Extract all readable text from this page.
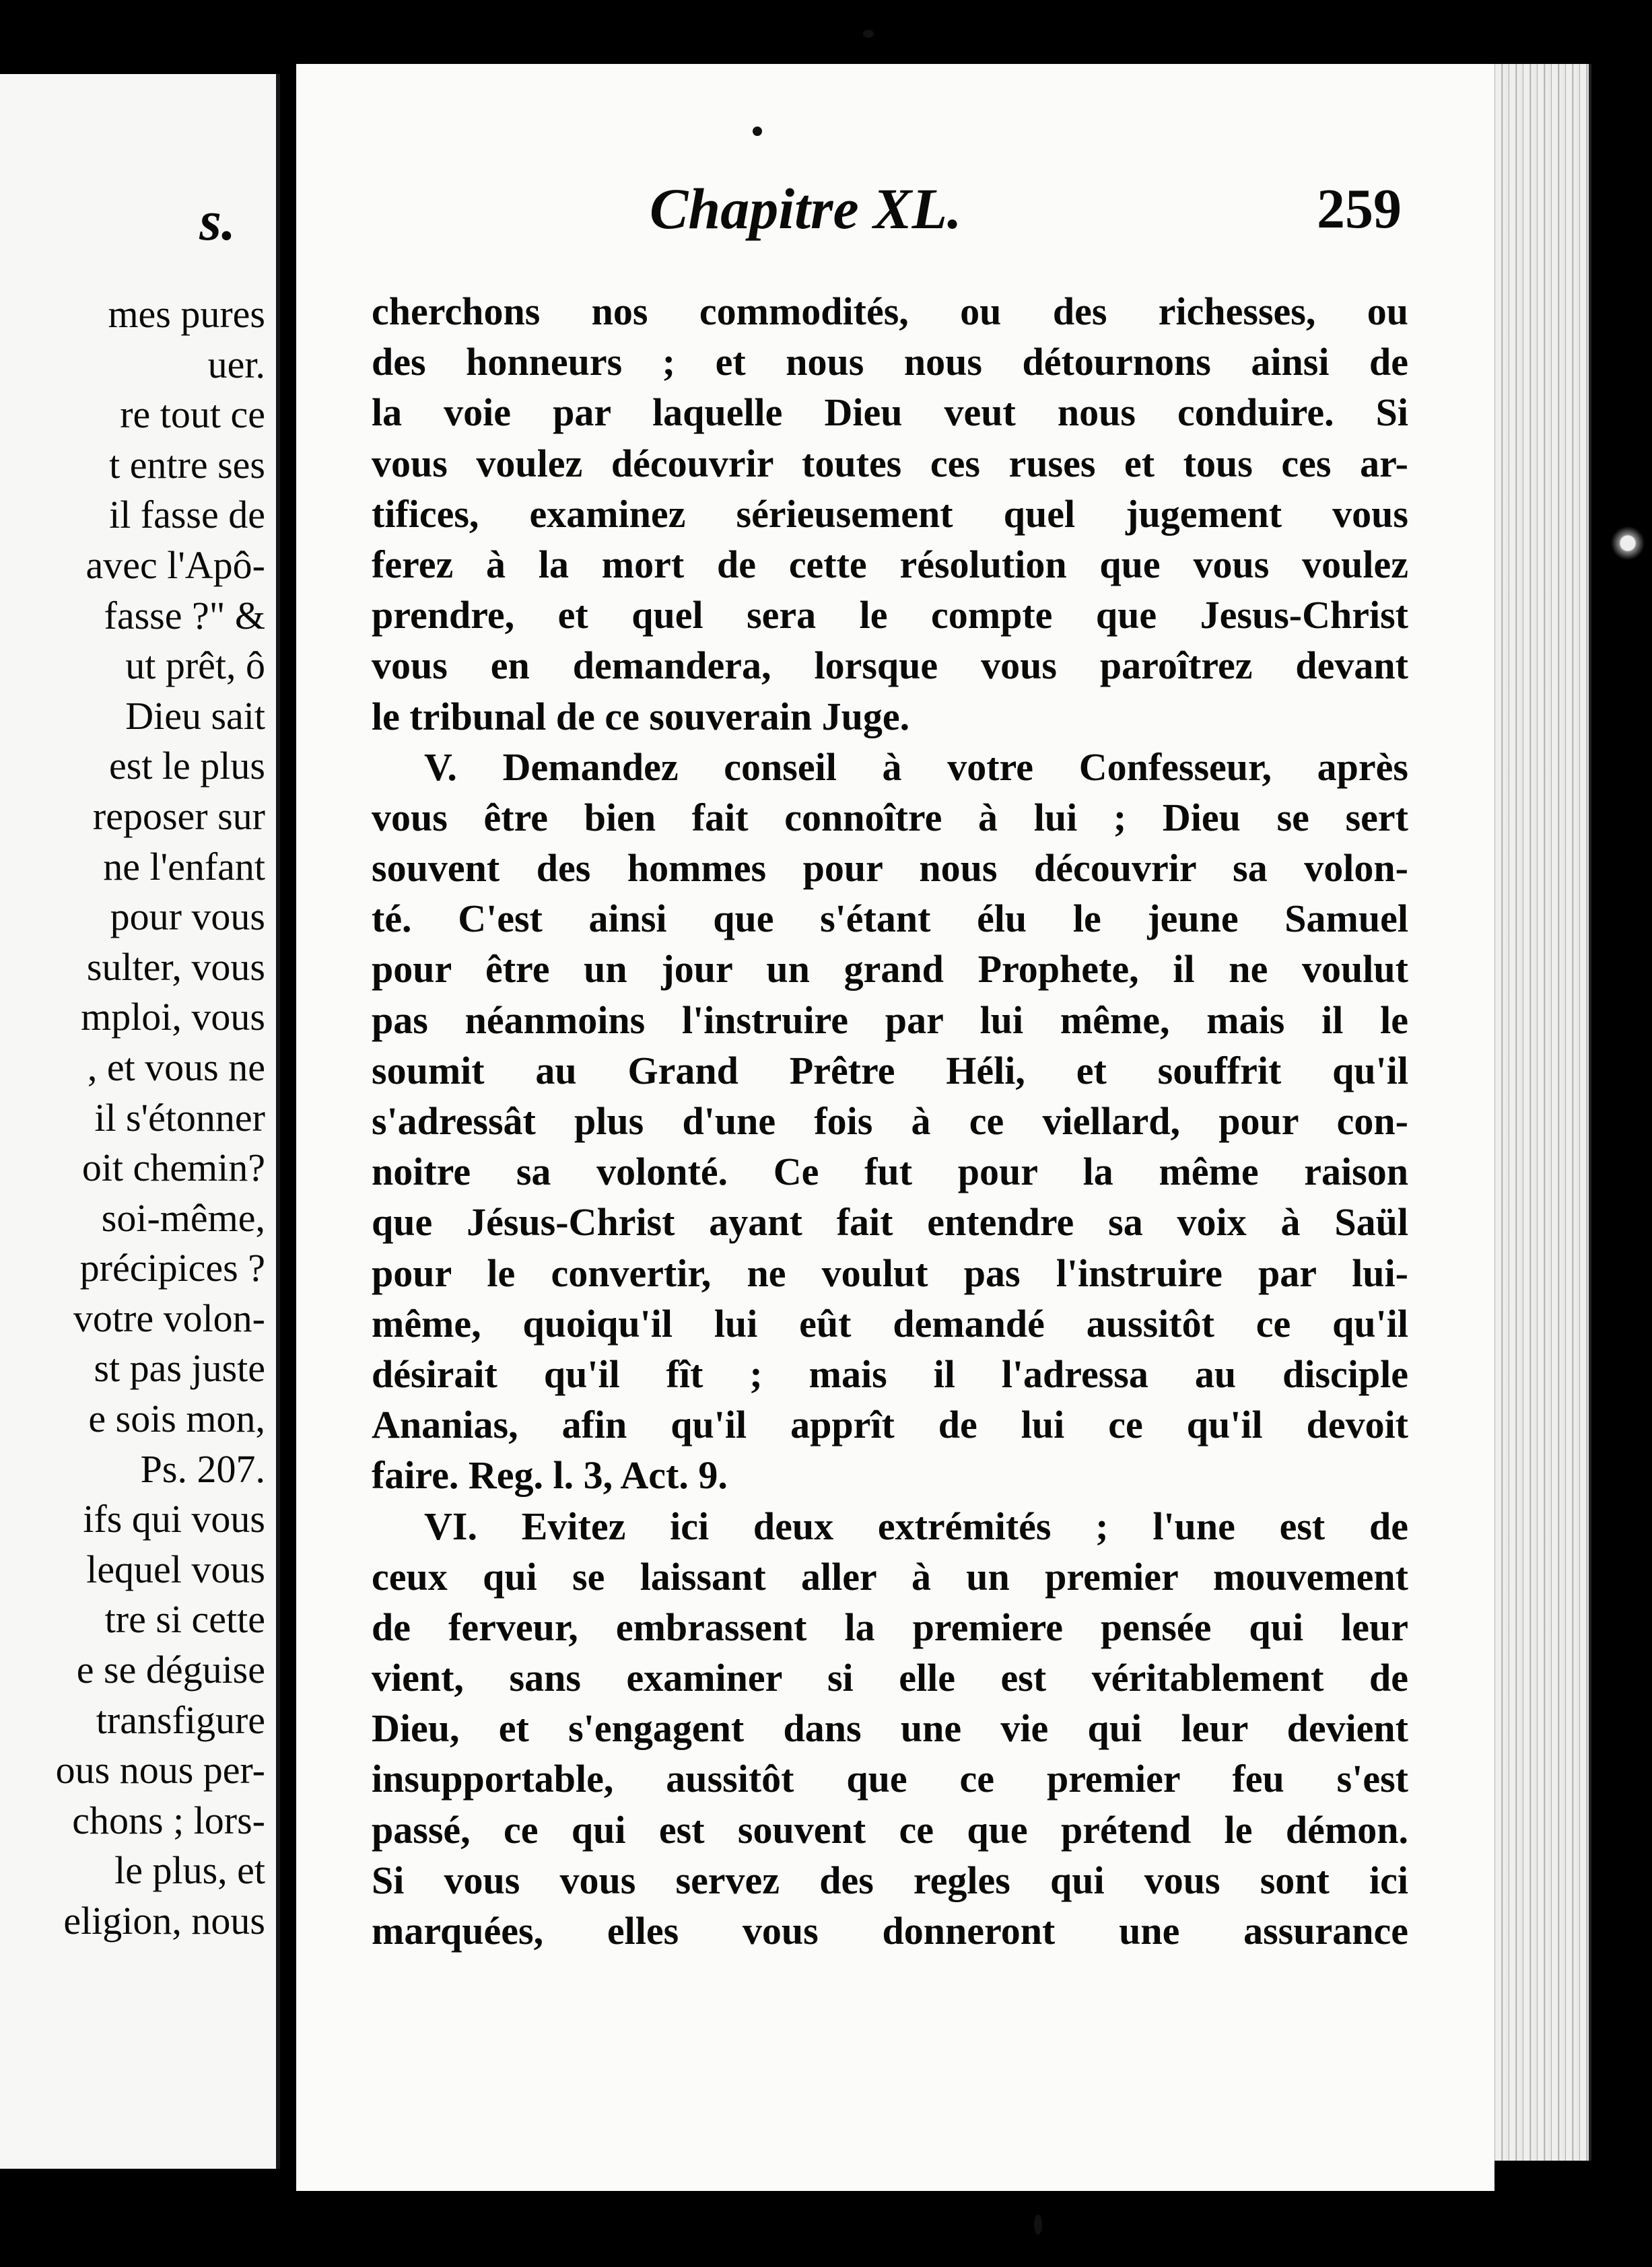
s.
mes pures
uer.
re tout ce
t entre ses
il fasse de
avec l'Apô-
fasse ?" &
ut prêt, ô
Dieu sait
est le plus
reposer sur
ne l'enfant
pour vous
sulter, vous
mploi, vous
, et vous ne
il s'étonner
oit chemin?
soi-même,
précipices ?
votre volon-
st pas juste
e sois mon,
Ps. 207.
ifs qui vous
lequel vous
tre si cette
e se déguise
transfigure
ous nous per-
chons ; lors-
le plus, et
eligion, nous
Chapitre XL.	259
cherchons nos commodités, ou des richesses, ou
des honneurs ; et nous nous détournons ainsi de
la voie par laquelle Dieu veut nous conduire. Si
vous voulez découvrir toutes ces ruses et tous ces ar-
tifices, examinez sérieusement quel jugement vous
ferez à la mort de cette résolution que vous voulez
prendre, et quel sera le compte que Jesus-Christ
vous en demandera, lorsque vous paroîtrez devant
le tribunal de ce souverain Juge.
V. Demandez conseil à votre Confesseur, après
vous être bien fait connoître à lui ; Dieu se sert
souvent des hommes pour nous découvrir sa volon-
té. C'est ainsi que s'étant élu le jeune Samuel
pour être un jour un grand Prophete, il ne voulut
pas néanmoins l'instruire par lui même, mais il le
soumit au Grand Prêtre Héli, et souffrit qu'il
s'adressât plus d'une fois à ce viellard, pour con-
noitre sa volonté. Ce fut pour la même raison
que Jésus-Christ ayant fait entendre sa voix à Saül
pour le convertir, ne voulut pas l'instruire par lui-
même, quoiqu'il lui eût demandé aussitôt ce qu'il
désirait qu'il fît ; mais il l'adressa au disciple
Ananias, afin qu'il apprît de lui ce qu'il devoit
faire. Reg. l. 3, Act. 9.
VI. Evitez ici deux extrémités ; l'une est de
ceux qui se laissant aller à un premier mouvement
de ferveur, embrassent la premiere pensée qui leur
vient, sans examiner si elle est véritablement de
Dieu, et s'engagent dans une vie qui leur devient
insupportable, aussitôt que ce premier feu s'est
passé, ce qui est souvent ce que prétend le démon.
Si vous vous servez des regles qui vous sont ici
marquées, elles vous donneront une assurance
